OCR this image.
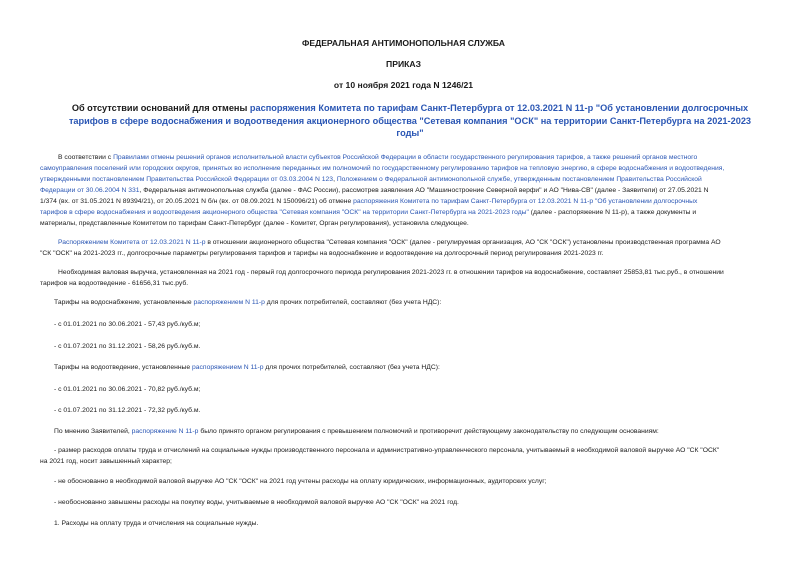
ФЕДЕРАЛЬНАЯ АНТИМОНОПОЛЬНАЯ СЛУЖБА
ПРИКАЗ
от 10 ноября 2021 года N 1246/21
Об отсутствии оснований для отмены распоряжения Комитета по тарифам Санкт-Петербурга от 12.03.2021 N 11-р "Об установлении долгосрочных тарифов в сфере водоснабжения и водоотведения акционерного общества "Сетевая компания "ОСК" на территории Санкт-Петербурга на 2021-2023 годы"
В соответствии с Правилами отмены решений органов исполнительной власти субъектов Российской Федерации в области государственного регулирования тарифов, а также решений органов местного
самоуправления поселений или городских округов, принятых во исполнение переданных им полномочий по государственному регулированию тарифов на тепловую энергию, в сфере водоснабжения и водоотведения,
утвержденными постановлением Правительства Российской Федерации от 03.03.2004 N 123, Положением о Федеральной антимонопольной службе, утвержденным постановлением Правительства Российской
Федерации от 30.06.2004 N 331, Федеральная антимонопольная служба (далее - ФАС России), рассмотрев заявления АО "Машиностроение Северной верфи" и АО "Нива-СВ" (далее - Заявители) от 27.05.2021 N
1/374 (вх. от 31.05.2021 N 89394/21), от 20.05.2021 N б/н (вх. от 08.09.2021 N 150096/21) об отмене распоряжения Комитета по тарифам Санкт-Петербурга от 12.03.2021 N 11-р "Об установлении долгосрочных
тарифов в сфере водоснабжения и водоотведения акционерного общества "Сетевая компания "ОСК" на территории Санкт-Петербурга на 2021-2023 годы" (далее - распоряжение N 11-р), а также документы и
материалы, представленные Комитетом по тарифам Санкт-Петербург (далее - Комитет, Орган регулирования), установила следующее.
Распоряжением Комитета от 12.03.2021 N 11-р в отношении акционерного общества "Сетевая компания "ОСК" (далее - регулируемая организация, АО "СК "ОСК") установлены производственная программа АО
"СК "ОСК" на 2021-2023 гг., долгосрочные параметры регулирования тарифов и тарифы на водоснабжение и водоотведение на долгосрочный период регулирования 2021-2023 гг.
Необходимая валовая выручка, установленная на 2021 год - первый год долгосрочного периода регулирования 2021-2023 гг. в отношении тарифов на водоснабжение, составляет 25853,81 тыс.руб., в отношении
тарифов на водоотведение - 61656,31 тыс.руб.
Тарифы на водоснабжение, установленные распоряжением N 11-р для прочих потребителей, составляют (без учета НДС):
- с 01.01.2021 по 30.06.2021 - 57,43 руб./куб.м;
- с 01.07.2021 по 31.12.2021 - 58,26 руб./куб.м.
Тарифы на водоотведение, установленные распоряжением N 11-р для прочих потребителей, составляют (без учета НДС):
- с 01.01.2021 по 30.06.2021 - 70,82 руб./куб.м;
- с 01.07.2021 по 31.12.2021 - 72,32 руб./куб.м.
По мнению Заявителей, распоряжение N 11-р было принято органом регулирования с превышением полномочий и противоречит действующему законодательству по следующим основаниям:
- размер расходов оплаты труда и отчислений на социальные нужды производственного персонала и административно-управленческого персонала, учитываемый в необходимой валовой выручке АО "СК "ОСК"
на 2021 год, носит завышенный характер;
- не обоснованно в необходимой валовой выручке АО "СК "ОСК" на 2021 год учтены расходы на оплату юридических, информационных, аудиторских услуг;
- необоснованно завышены расходы на покупку воды, учитываемые в необходимой валовой выручке АО "СК "ОСК" на 2021 год.
1. Расходы на оплату труда и отчисления на социальные нужды.
